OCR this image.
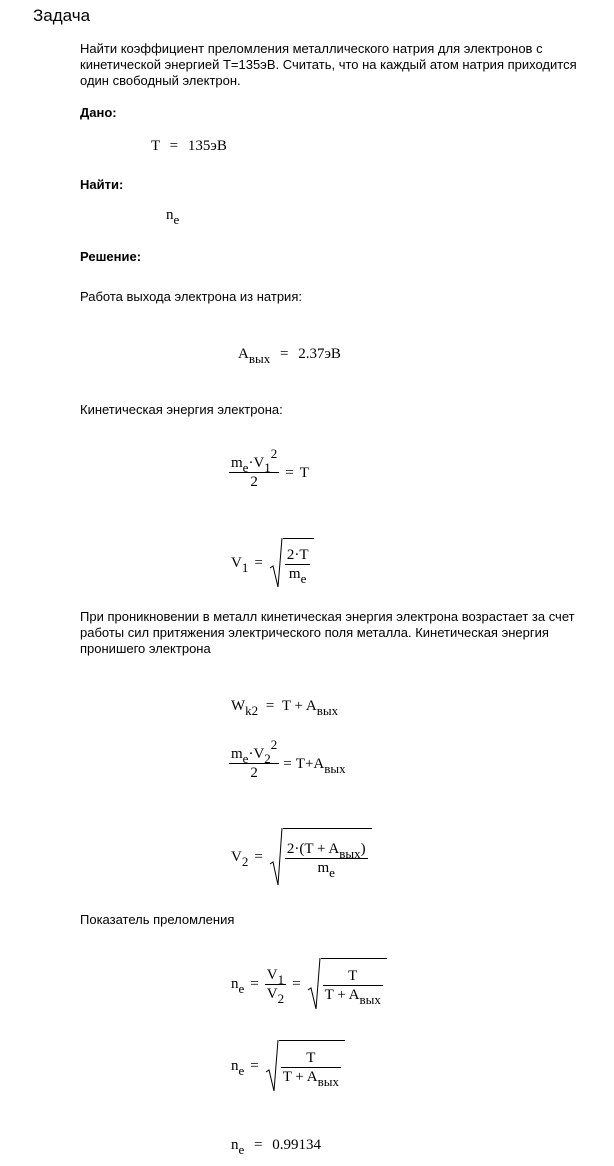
Задача
Найти коэффициент преломления металлического натрия для электронов с кинетической энергией Т=135эВ. Считать, что на каждый атом натрия приходится один свободный электрон.
Дано:
T = 135эВ
Найти:
ne
Решение:
Работа выхода электрона из натрия:
Aвых = 2.37эВ
Кинетическая энергия электрона:
$\frac{me\cdot V12}{2} = T$
V $1 = \frac{2\cdot T}{me}$
При проникновении в металл кинетическая энергия электрона возрастает за счет работы сил притяжения электрического поля металла. Кинетическая энергия пронишего электрона
Wk2 = T + Aвых
$\frac{me\cdot V22}{2} = T + A$ вых
V $2 = \frac{\text{2·(T + Aвых)}}{me}$
Показатель преломления
n $e = \frac{V1}{V2} = \frac{T}{\text{T + Aвых}}$
n $e = \frac{T}{\text{T + Aвых}}$
ne = 0.99134
